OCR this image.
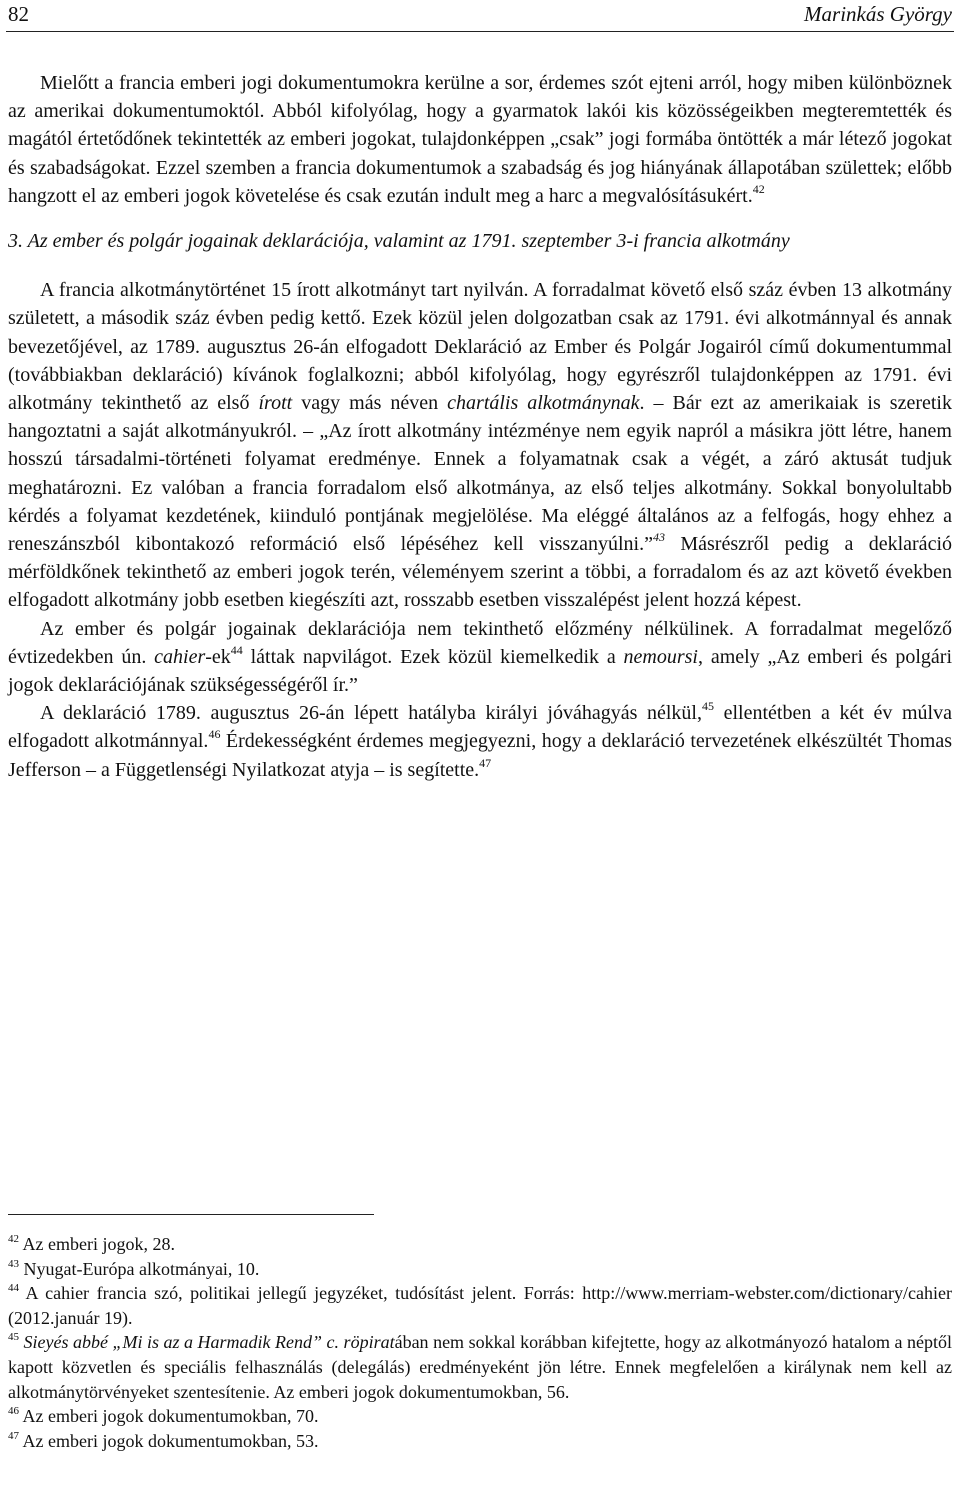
82	Marinkás György

Mielőtt a francia emberi jogi dokumentumokra kerülne a sor, érdemes szót ejteni arról, hogy miben különböznek az amerikai dokumentumoktól. Abból kifolyólag, hogy a gyarmatok lakói kis közösségeikben megteremtették és magától értetődőnek tekintették az emberi jogokat, tulajdonképpen „csak” jogi formába öntötték a már létező jogokat és szabadságokat. Ezzel szemben a francia dokumentumok a szabadság és jog hiányának állapotában születtek; előbb hangzott el az emberi jogok követelése és csak ezután indult meg a harc a megvalósításukért.$^{42}$

3. Az ember és polgár jogainak deklarációja, valamint az 1791. szeptember 3-i francia alkotmány

A francia alkotmánytörténet 15 írott alkotmányt tart nyilván. A forradalmat követő első száz évben 13 alkotmány született, a második száz évben pedig kettő. Ezek közül jelen dolgozatban csak az 1791. évi alkotmánnyal és annak bevezetőjével, az 1789. augusztus 26-án elfogadott Deklaráció az Ember és Polgár Jogairól című dokumentummal (továbbiakban deklaráció) kívánok foglalkozni; abból kifolyólag, hogy egyrészről tulajdonképpen az 1791. évi alkotmány tekinthető az első írott vagy más néven chartális alkotmánynak. – Bár ezt az amerikaiak is szeretik hangoztatni a saját alkotmányukról. – „Az írott alkotmány intézménye nem egyik napról a másikra jött létre, hanem hosszú társadalmi-történeti folyamat eredménye. Ennek a folyamatnak csak a végét, a záró aktusát tudjuk meghatározni. Ez valóban a francia forradalom első alkotmánya, az első teljes alkotmány. Sokkal bonyolultabb kérdés a folyamat kezdetének, kiinduló pontjának megjelölése. Ma eléggé általános az a felfogás, hogy ehhez a reneszánszból kibontakozó reformáció első lépéséhez kell visszanyúlni.”$^{43}$ Másrészről pedig a deklaráció mérföldkőnek tekinthető az emberi jogok terén, véleményem szerint a többi, a forradalom és az azt követő években elfogadott alkotmány jobb esetben kiegészíti azt, rosszabb esetben visszalépést jelent hozzá képest.

Az ember és polgár jogainak deklarációja nem tekinthető előzmény nélkülinek. A forradalmat megelőző évtizedekben ún. cahier-$ek^{44}$ láttak napvilágot. Ezek közül kiemelkedik a nemoursi, amely „Az emberi és polgári jogok deklarációjának szükségességéről ír.”

A deklaráció 1789. augusztus 26-án lépett hatályba királyi jóváhagyás nélkül,$^{45}$ ellentétben a két év múlva elfogadott alkotmánnyal.$^{46}$ Érdekességként érdemes megjegyezni, hogy a deklaráció tervezetének elkészültét Thomas Jefferson – a Függetlenségi Nyilatkozat atyja – is segítette.$^{47}$

$^{42}$ Az emberi jogok, 28.

$^{43}$ Nyugat-Európa alkotmányai, 10.

$^{44}$ A cahier francia szó, politikai jellegű jegyzéket, tudósítást jelent. Forrás: http://www.merriam-webster.com/dictionary/cahier (2012.január 19).

$^{45}$ Sieyés abbé „Mi is az a Harmadik Rend” c. röpiratában nem sokkal korábban kifejtette, hogy az alkotmányozó hatalom a néptől kapott közvetlen és speciális felhasználás (delegálás) eredményeként jön létre. Ennek megfelelően a királynak nem kell az alkotmánytörvényeket szentesítenie. Az emberi jogok dokumentumokban, 56.

$^{46}$ Az emberi jogok dokumentumokban, 70.

$^{47}$ Az emberi jogok dokumentumokban, 53.
